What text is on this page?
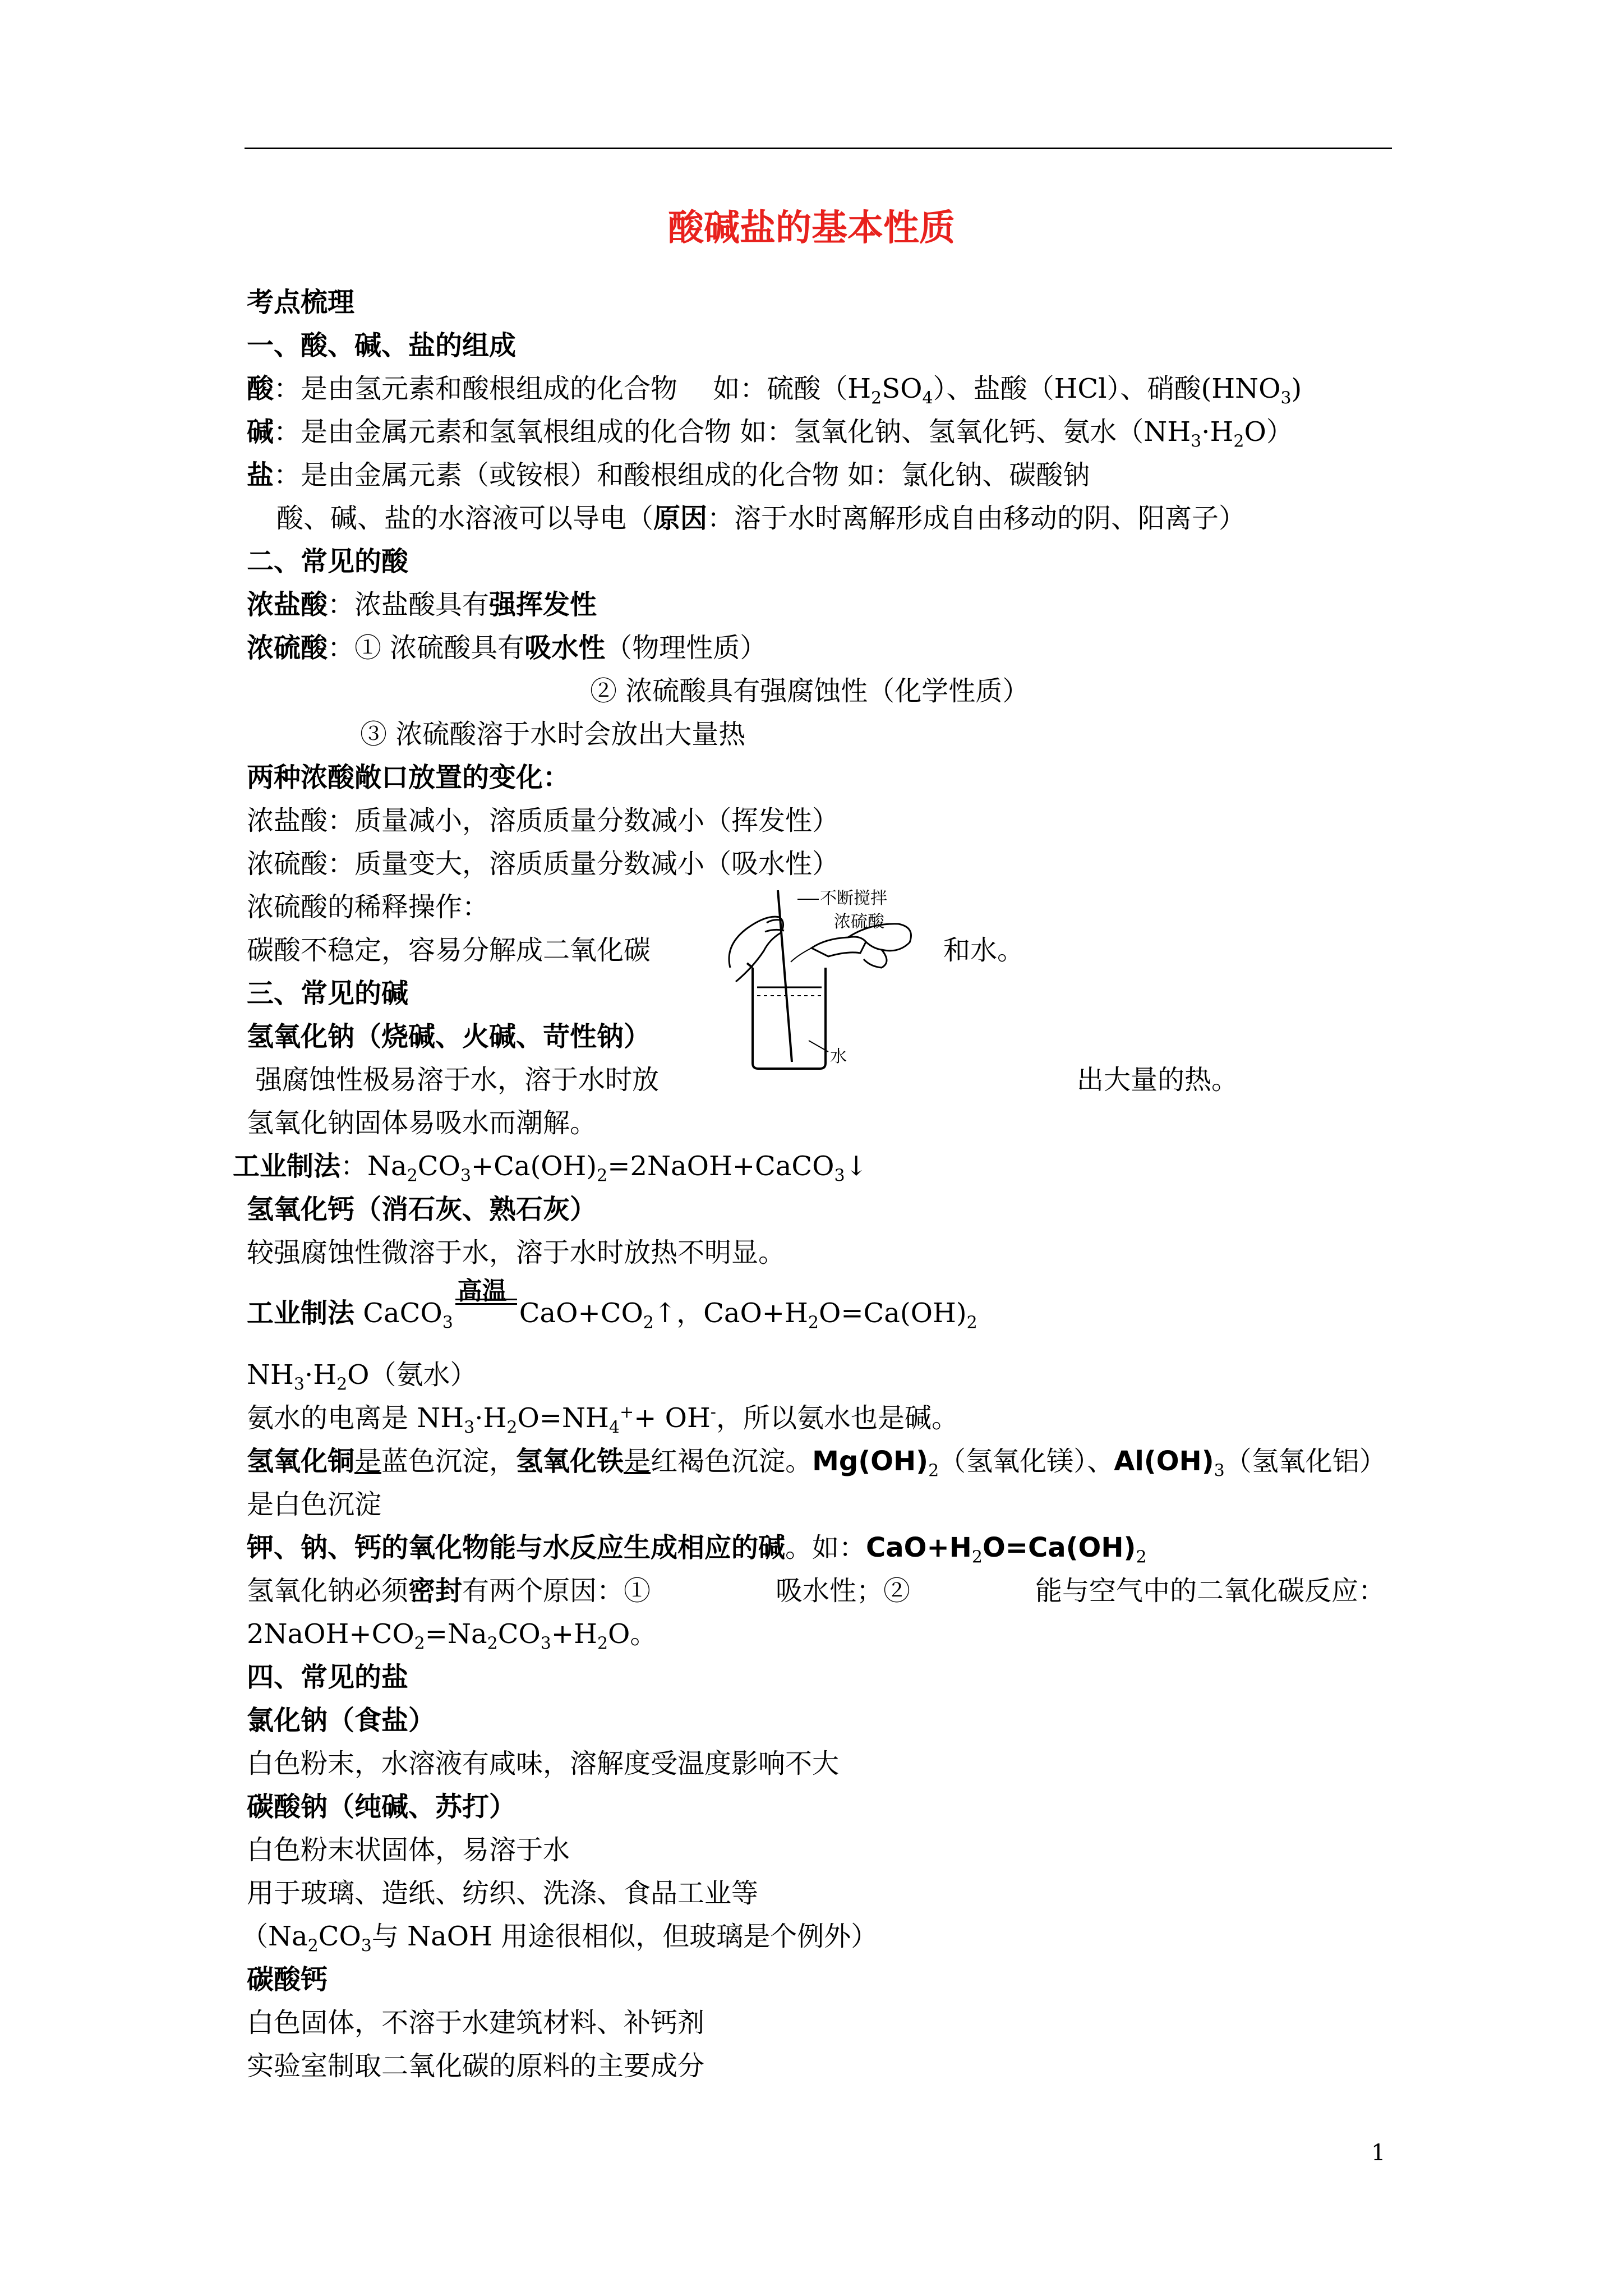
酸碱盐的基本性质
考点梳理
一、酸、碱、盐的组成
酸：是由氢元素和酸根组成的化合物　 如：硫酸$(H_2SO_4)$、盐酸（HCl）、硝酸$(HNO_3)$
碱：是由金属元素和氢氧根组成的化合物 如：氢氧化钠、氢氧化钙、氨水$(NH_3\cdot H_2O)$
盐：是由金属元素（或铵根）和酸根组成的化合物 如：氯化钠、碳酸钠
酸、碱、盐的水溶液可以导电（原因：溶于水时离解形成自由移动的阴、阳离子）
二、常见的酸
浓盐酸：浓盐酸具有强挥发性
浓硫酸：① 浓硫酸具有吸水性（物理性质）
② 浓硫酸具有强腐蚀性（化学性质）
③ 浓硫酸溶于水时会放出大量热
两种浓酸敞口放置的变化：
浓盐酸：质量减小，溶质质量分数减小（挥发性）
浓硫酸：质量变大，溶质质量分数减小（吸水性）
浓硫酸的稀释操作：
碳酸不稳定，容易分解成二氧化碳	和水。
三、常见的碱
氢氧化钠（烧碱、火碱、苛性钠）
强腐蚀性极易溶于水，溶于水时放	出大量的热。
氢氧化钠固体易吸水而潮解。
工业制法：$Na_2CO_3+Ca(OH)_2=2NaOH+CaCO_3↓$
氢氧化钙（消石灰、熟石灰）
较强腐蚀性微溶于水，溶于水时放热不明显。
工业制法 CaCO$_3$
高温
$CaO+CO_2↑$，$CaO+H_2O=Ca(OH)_2$
$NH_3\cdot H_2O$（氨水）
氨水的电离是 $NH_3\cdot H_2O=NH_4^++ OH^-$，所以氨水也是碱。
氢氧化铜是蓝色沉淀，氢氧化铁是红褐色沉淀。$Mg(OH)_2$（氢氧化镁）、$Al(OH)_3$（氢氧化铝）
是白色沉淀
钾、钠、钙的氧化物能与水反应生成相应的碱。如：$CaO+H_2O=Ca(OH)_2$
氢氧化钠必须密封有两个原因：①	吸水性；②	能与空气中的二氧化碳反应：
$2NaOH+CO_2=Na_2CO_3+H_2O$。
四、常见的盐
氯化钠（食盐）
白色粉末，水溶液有咸味，溶解度受温度影响不大
碳酸钠（纯碱、苏打）
白色粉末状固体，易溶于水
用于玻璃、造纸、纺织、洗涤、食品工业等
（$Na_2CO_3$与 NaOH 用途很相似，但玻璃是个例外）
碳酸钙
白色固体，不溶于水建筑材料、补钙剂
实验室制取二氧化碳的原料的主要成分
不断搅拌
浓硫酸
水
1
